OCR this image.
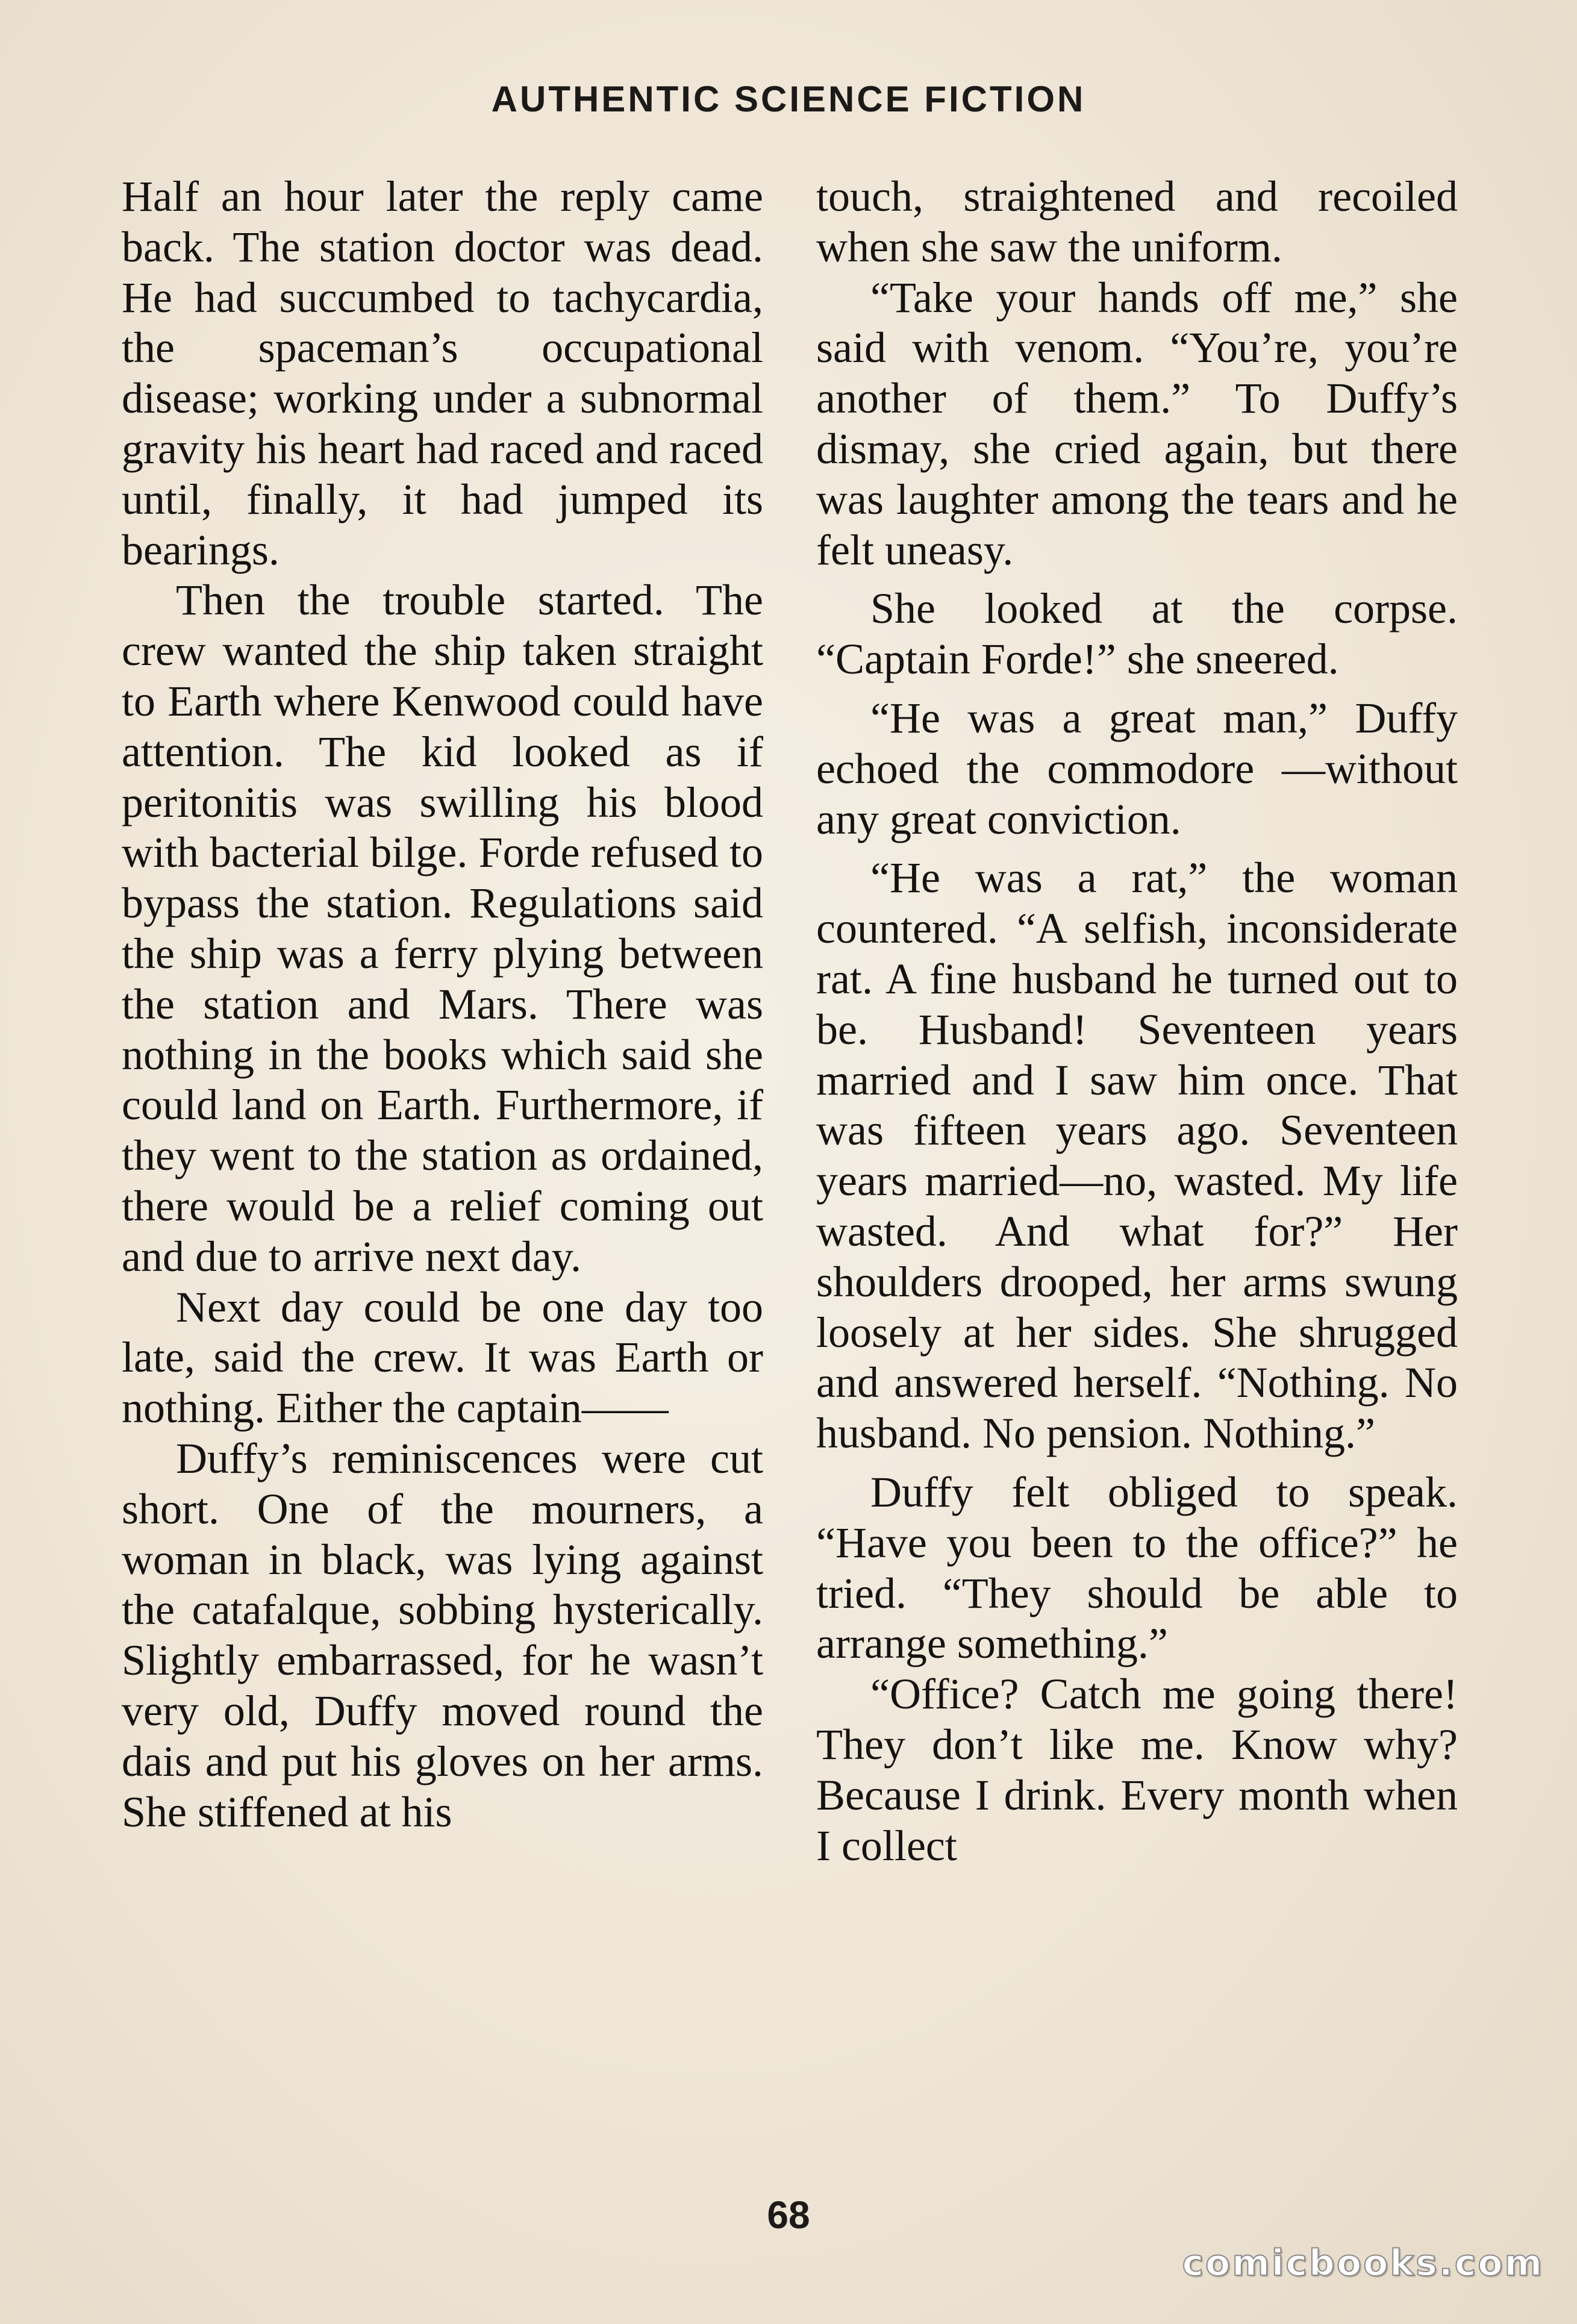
AUTHENTIC SCIENCE FICTION

Half an hour later the reply came back. The station doctor was dead. He had succumbed to tachycardia, the spaceman’s occupational disease; working under a subnormal gravity his heart had raced and raced until, finally, it had jumped its bearings.

Then the trouble started. The crew wanted the ship taken straight to Earth where Kenwood could have attention. The kid looked as if peritonitis was swilling his blood with bacterial bilge. Forde refused to bypass the station. Regulations said the ship was a ferry plying between the station and Mars. There was nothing in the books which said she could land on Earth. Furthermore, if they went to the station as ordained, there would be a relief coming out and due to arrive next day.

Next day could be one day too late, said the crew. It was Earth or nothing. Either the captain——

Duffy’s reminiscences were cut short. One of the mourners, a woman in black, was lying against the catafalque, sobbing hysterically. Slightly embarrassed, for he wasn’t very old, Duffy moved round the dais and put his gloves on her arms. She stiffened at his

touch, straightened and recoiled when she saw the uniform.

“Take your hands off me,” she said with venom. “You’re, you’re another of them.” To Duffy’s dismay, she cried again, but there was laughter among the tears and he felt uneasy.

She looked at the corpse. “Captain Forde!” she sneered.

“He was a great man,” Duffy echoed the commodore —without any great conviction.

“He was a rat,” the woman countered. “A selfish, inconsiderate rat. A fine husband he turned out to be. Husband! Seventeen years married and I saw him once. That was fifteen years ago. Seventeen years married—no, wasted. My life wasted. And what for?” Her shoulders drooped, her arms swung loosely at her sides. She shrugged and answered herself. “Nothing. No husband. No pension. Nothing.”

Duffy felt obliged to speak. “Have you been to the office?” he tried. “They should be able to arrange something.”

“Office? Catch me going there! They don’t like me. Know why? Because I drink. Every month when I collect

68
comicbooks.com
